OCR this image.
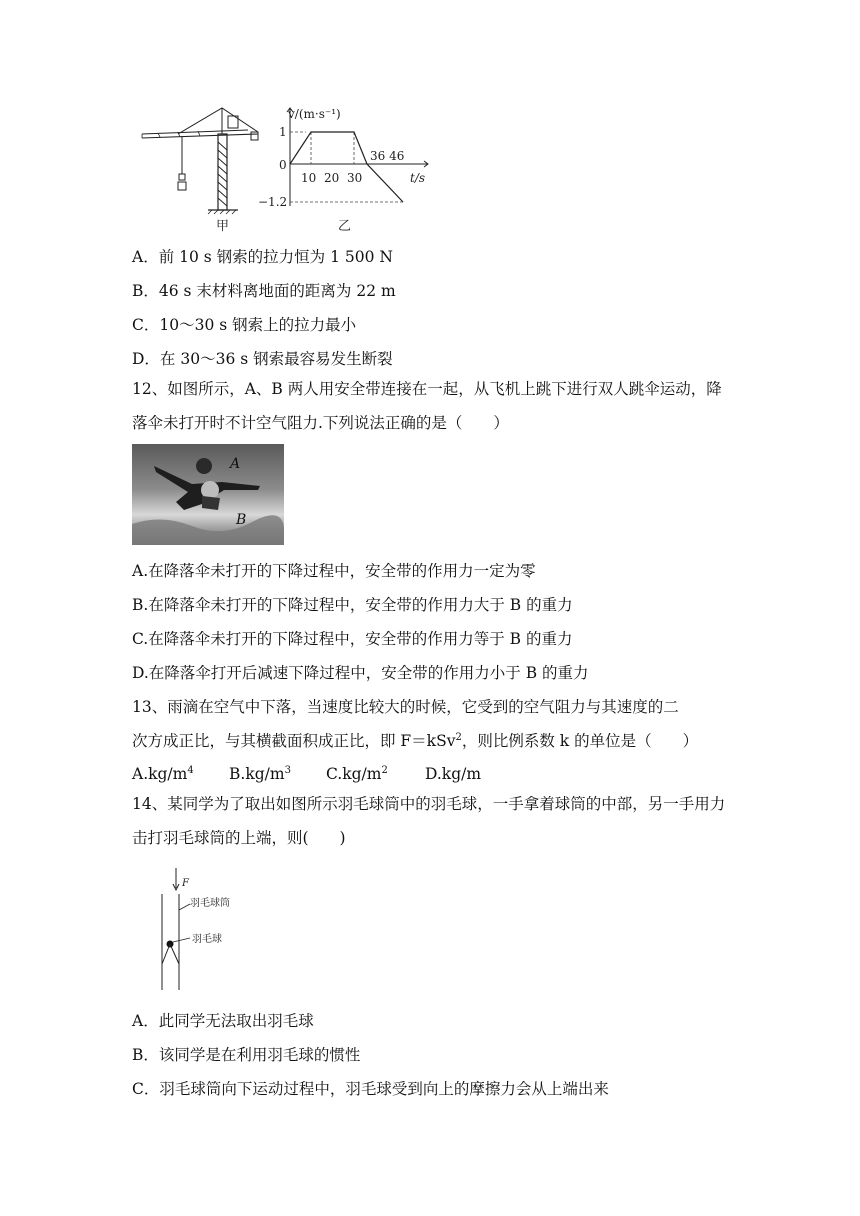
甲
1
0
−1.2
10 20 30
36 46
t/s
v/(m·s⁻¹)
乙
A．前 10 s 钢索的拉力恒为 1 500 N
B．46 s 末材料离地面的距离为 22 m
C．10～30 s 钢索上的拉力最小
D．在 30～36 s 钢索最容易发生断裂
12、如图所示，A、B 两人用安全带连接在一起，从飞机上跳下进行双人跳伞运动，降落伞未打开时不计空气阻力.下列说法正确的是（　　）
A
B
A.在降落伞未打开的下降过程中，安全带的作用力一定为零
B.在降落伞未打开的下降过程中，安全带的作用力大于 B 的重力
C.在降落伞未打开的下降过程中，安全带的作用力等于 B 的重力
D.在降落伞打开后减速下降过程中，安全带的作用力小于 B 的重力
13、雨滴在空气中下落，当速度比较大的时候，它受到的空气阻力与其速度的二
次方成正比，与其横截面积成正比，即 F＝kSv$^2$，则比例系数 k 的单位是（　　）
$A.kg/m^4$ $B.kg/m^3$ $C.kg/m^2$ D.kg/m
14、某同学为了取出如图所示羽毛球筒中的羽毛球，一手拿着球筒的中部，另一手用力击打羽毛球筒的上端，则(　　)
F
羽毛球筒
羽毛球
A．此同学无法取出羽毛球
B．该同学是在利用羽毛球的惯性
C．羽毛球筒向下运动过程中，羽毛球受到向上的摩擦力会从上端出来
